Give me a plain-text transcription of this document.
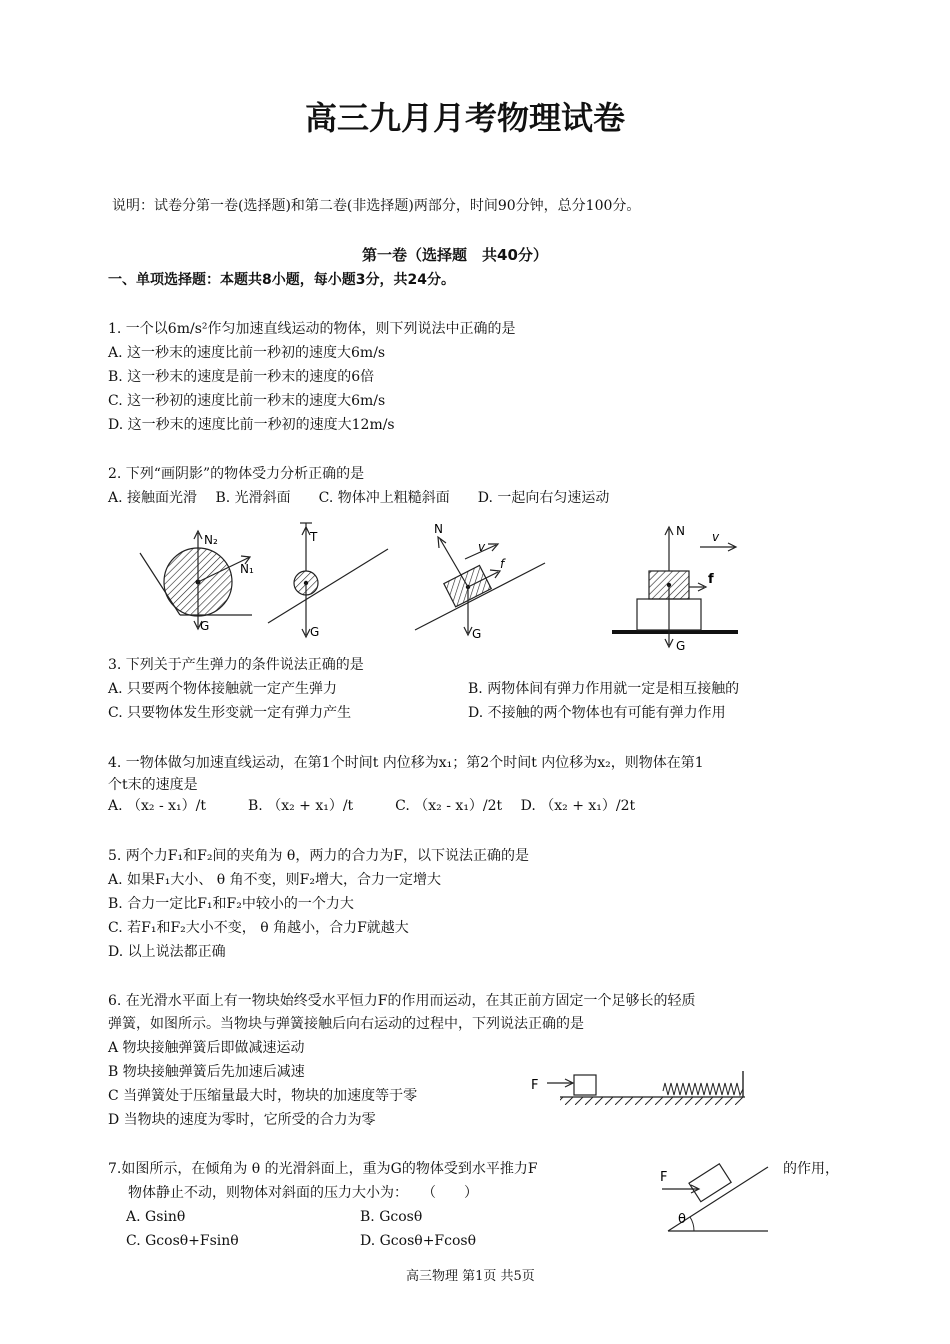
高三九月月考物理试卷
说明：试卷分第一卷(选择题)和第二卷(非选择题)两部分，时间90分钟，总分100分。
第一卷（选择题　共40分）
一、单项选择题：本题共8小题，每小题3分，共24分。
1. 一个以6m/s²作匀加速直线运动的物体，则下列说法中正确的是
A. 这一秒末的速度比前一秒初的速度大6m/s
B. 这一秒末的速度是前一秒末的速度的6倍
C. 这一秒初的速度比前一秒末的速度大6m/s
D. 这一秒末的速度比前一秒初的速度大12m/s
2. 下列“画阴影”的物体受力分析正确的是
A. 接触面光滑　 B. 光滑斜面　　C. 物体冲上粗糙斜面　　D. 一起向右匀速运动
N₂
N₁
G
T
G
N
v
f
G
N v
f
G
3. 下列关于产生弹力的条件说法正确的是
A. 只要两个物体接触就一定产生弹力	B. 两物体间有弹力作用就一定是相互接触的
C. 只要物体发生形变就一定有弹力产生	D. 不接触的两个物体也有可能有弹力作用
4. 一物体做匀加速直线运动，在第1个时间t 内位移为x₁；第2个时间t 内位移为x₂，则物体在第1
个t末的速度是
A. （x₂ - x₁）/t　　　B. （x₂ + x₁）/t　　　C. （x₂ - x₁）/2t　 D. （x₂ + x₁）/2t
5. 两个力F₁和F₂间的夹角为 θ，两力的合力为F，以下说法正确的是
A. 如果F₁大小、 θ 角不变，则F₂增大，合力一定增大
B. 合力一定比F₁和F₂中较小的一个力大
C. 若F₁和F₂大小不变， θ 角越小，合力F就越大
D. 以上说法都正确
6. 在光滑水平面上有一物块始终受水平恒力F的作用而运动，在其正前方固定一个足够长的轻质
弹簧，如图所示。当物块与弹簧接触后向右运动的过程中，下列说法正确的是
A 物块接触弹簧后即做减速运动
B 物块接触弹簧后先加速后减速
C 当弹簧处于压缩量最大时，物块的加速度等于零
D 当物块的速度为零时，它所受的合力为零
F
7.如图所示，在倾角为 θ 的光滑斜面上，重为G的物体受到水平推力F	的作用，
物体静止不动，则物体对斜面的压力大小为：　　（　　）
A. Gsinθ	B. Gcosθ
C. Gcosθ+Fsinθ	D. Gcosθ+Fcosθ
F
θ
高三物理 第1页 共5页
